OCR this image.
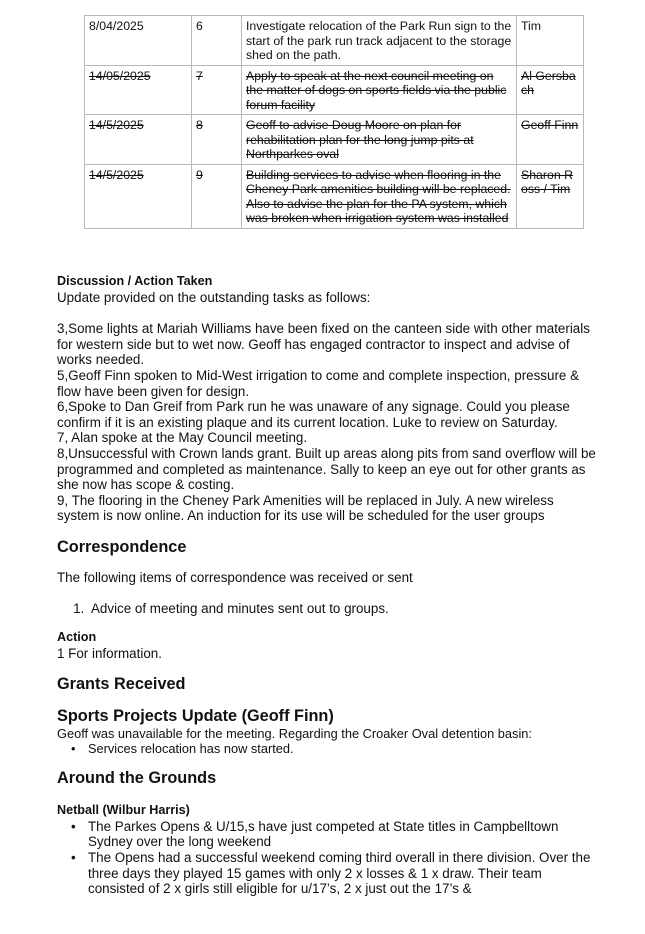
8/04/2025	6	Investigate relocation of the Park Run sign to the start of the park run track adjacent to the storage shed on the path.	Tim
14/05/2025	7	Apply to speak at the next council meeting on the matter of dogs on sports fields via the public forum facility	Al Gersbach
14/5/2025	8	Geoff to advise Doug Moore on plan for rehabilitation plan for the long jump pits at Northparkes oval	Geoff Finn
14/5/2025	9	Building services to advise when flooring in the Cheney Park amenities building will be replaced. Also to advise the plan for the PA system, which was broken when irrigation system was installed	Sharon Ross / Tim

Discussion / Action Taken

Update provided on the outstanding tasks as follows:

3,Some lights at Mariah Williams have been fixed on the canteen side with other materials for western side but to wet now. Geoff has engaged contractor to inspect and advise of works needed.

5,Geoff Finn spoken to Mid-West irrigation to come and complete inspection, pressure & flow have been given for design.

6,Spoke to Dan Greif from Park run he was unaware of any signage. Could you please confirm if it is an existing plaque and its current location. Luke to review on Saturday.

7, Alan spoke at the May Council meeting.

8,Unsuccessful with Crown lands grant. Built up areas along pits from sand overflow will be programmed and completed as maintenance. Sally to keep an eye out for other grants as she now has scope & costing.

9, The flooring in the Cheney Park Amenities will be replaced in July. A new wireless system is now online. An induction for its use will be scheduled for the user groups

Correspondence

The following items of correspondence was received or sent

1. Advice of meeting and minutes sent out to groups.

Action

1 For information.

Grants Received
Sports Projects Update (Geoff Finn)

Geoff was unavailable for the meeting. Regarding the Croaker Oval detention basin:

• Services relocation has now started.
Around the Grounds

Netball (Wilbur Harris)

• The Parkes Opens & U/15,s have just competed at State titles in Campbelltown Sydney over the long weekend
• The Opens had a successful weekend coming third overall in there division. Over the three days they played 15 games with only 2 x losses & 1 x draw. Their team consisted of 2 x girls still eligible for u/17’s, 2 x just out the 17’s &
